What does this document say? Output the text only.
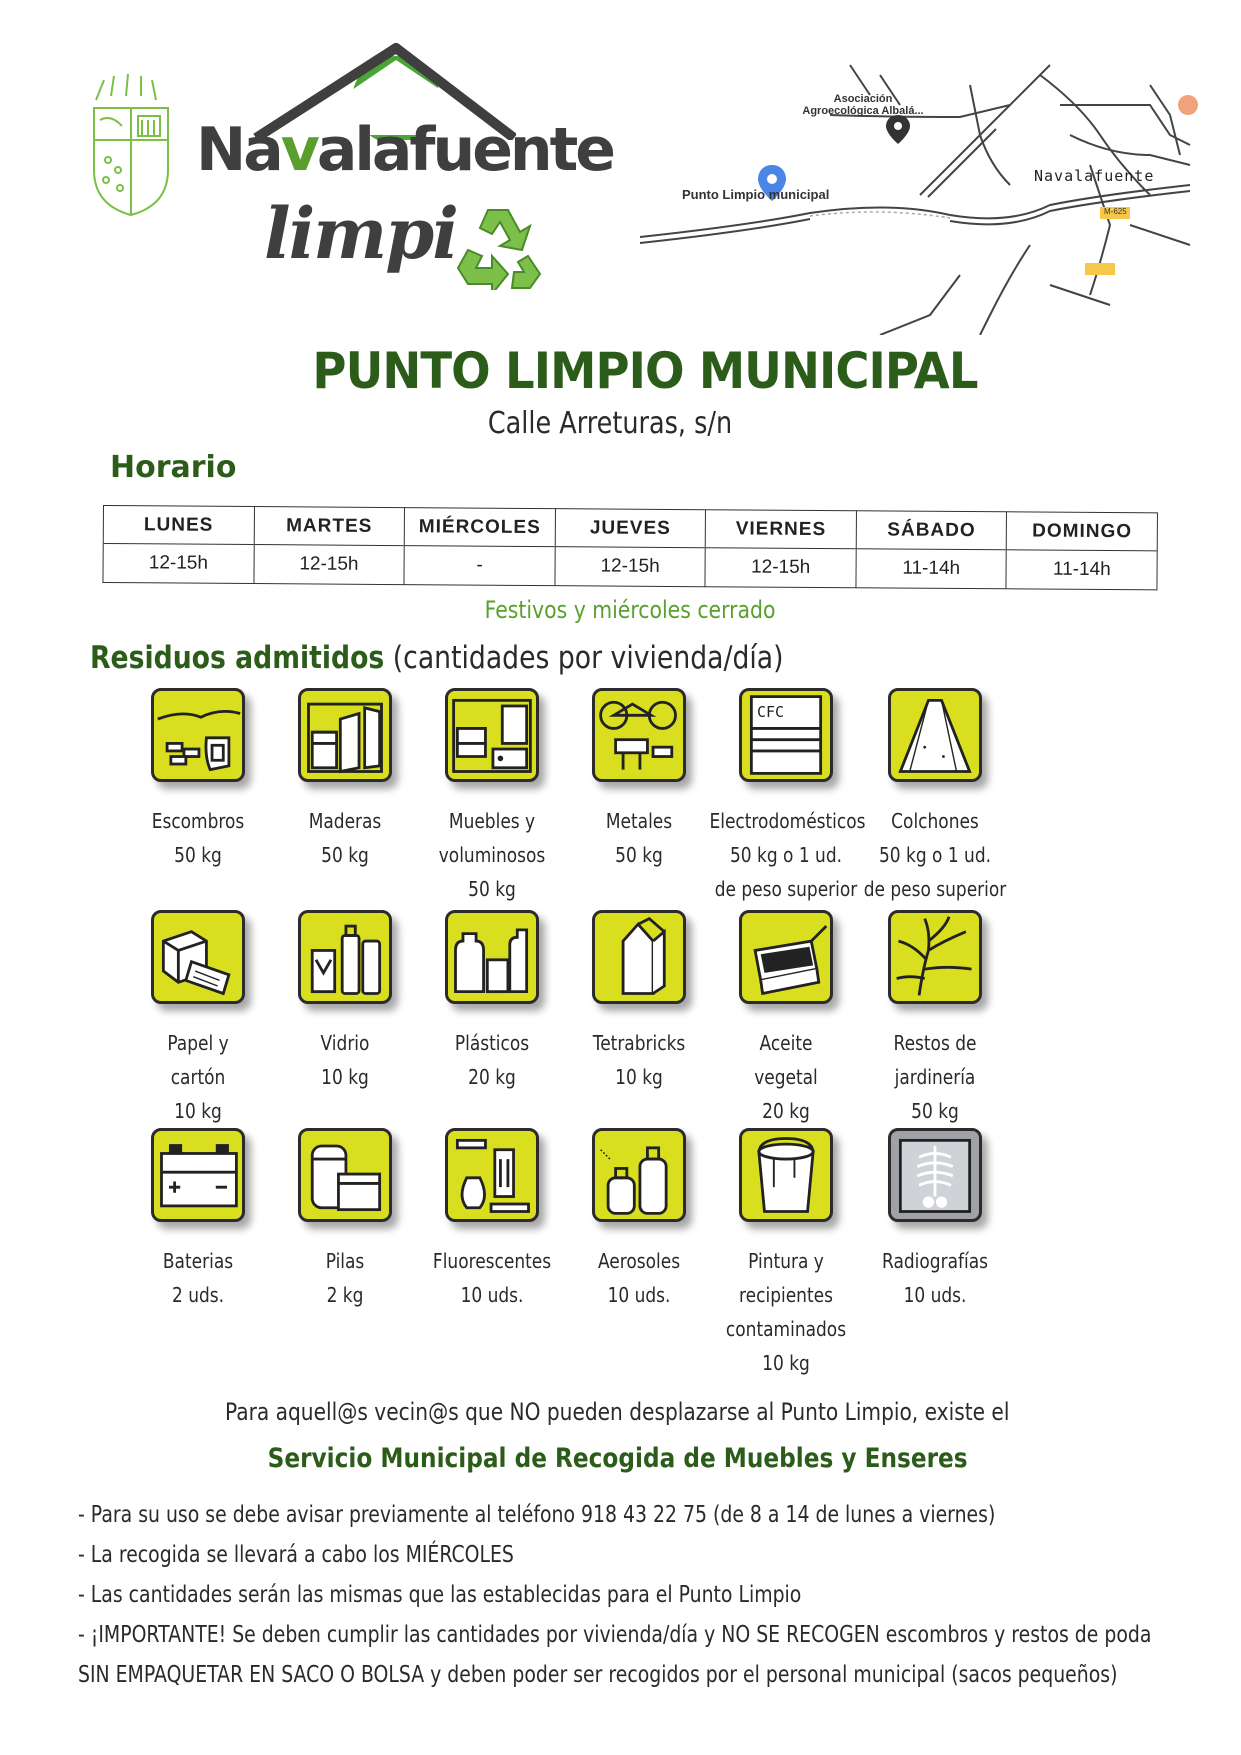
Navalafuente
limpi	Punto Limpio municipal
Asociación Agroecológica Albalá...
Navalafuente
M-625
PUNTO LIMPIO MUNICIPAL
Calle Arreturas, s/n
Horario
LUNES
12-15h
MARTES
12-15h
MIÉRCOLES
-
JUEVES
12-15h
VIERNES
12-15h
SÁBADO
11-14h
DOMINGO
11-14h
Festivos y miércoles cerrado
Residuos admitidos (cantidades por vivienda/día)
Escombros
50 kg
Maderas
50 kg
Muebles y
voluminosos
50 kg
Metales
50 kg
CFC
Electrodomésticos
50 kg o 1 ud.
de peso superior
Colchones
50 kg o 1 ud.
de peso superior
Papel y
cartón
10 kg
Vidrio
10 kg
Plásticos
20 kg
Tetrabricks
10 kg
Aceite
vegetal
20 kg
Restos de
jardinería
50 kg
Baterias
2 uds.
Pilas
2 kg
Fluorescentes
10 uds.
Aerosoles
10 uds.
Pintura y
recipientes contaminados
10 kg
Radiografías
10 uds.
Para aquell@s vecin@s que NO pueden desplazarse al Punto Limpio, existe el
Servicio Municipal de Recogida de Muebles y Enseres
- Para su uso se debe avisar previamente al teléfono 918 43 22 75 (de 8 a 14 de lunes a viernes)
- La recogida se llevará a cabo los MIÉRCOLES
- Las cantidades serán las mismas que las establecidas para el Punto Limpio
- ¡IMPORTANTE! Se deben cumplir las cantidades por vivienda/día y NO SE RECOGEN escombros y restos de poda
SIN EMPAQUETAR EN SACO O BOLSA y deben poder ser recogidos por el personal municipal (sacos pequeños)
